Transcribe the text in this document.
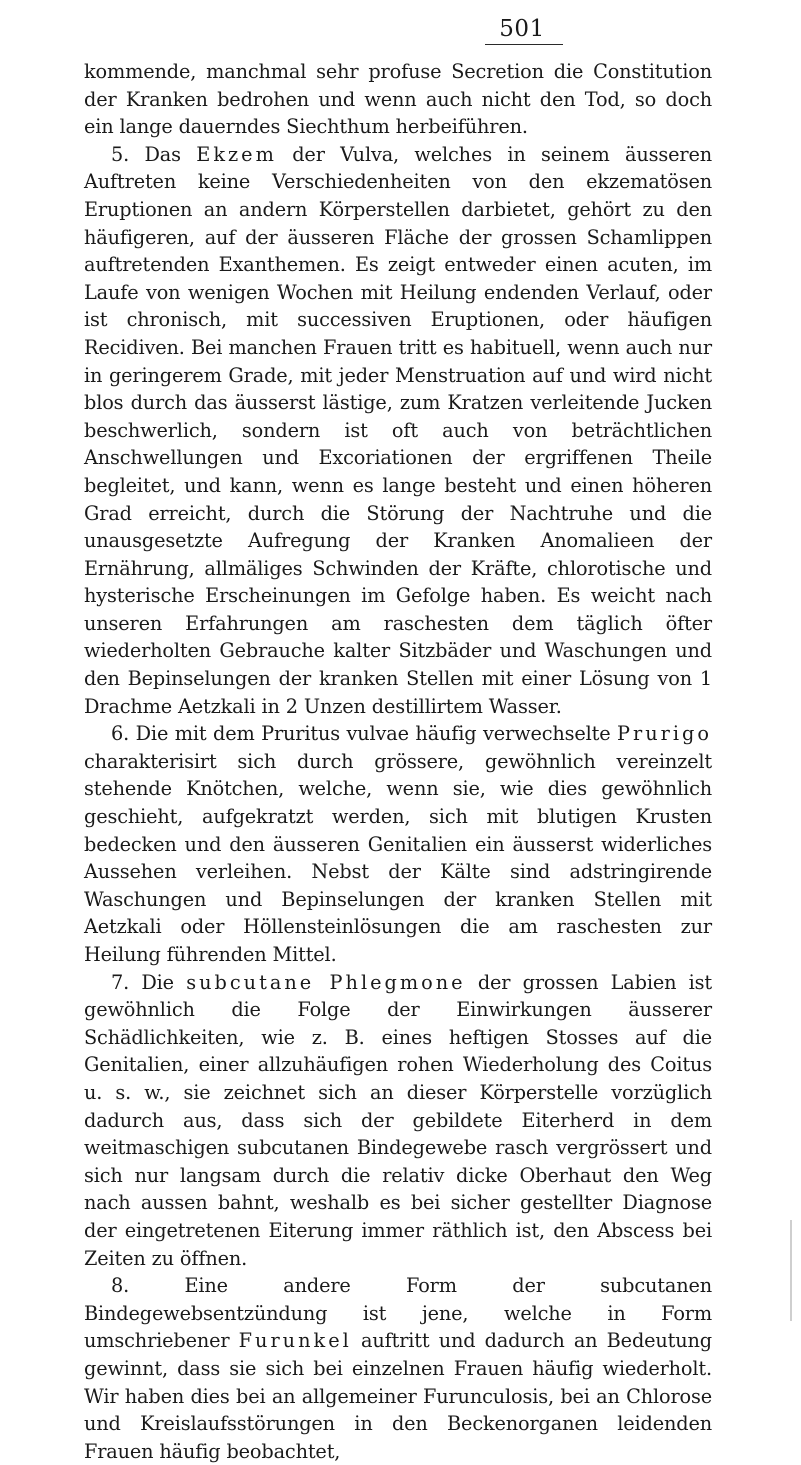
501

kommende, manchmal sehr profuse Secretion die Constitution der Kranken bedrohen und wenn auch nicht den Tod, so doch ein lange dauerndes Siechthum herbeiführen.

5. Das Ekzem der Vulva, welches in seinem äusseren Auftreten keine Verschiedenheiten von den ekzematösen Eruptionen an andern Körperstellen darbietet, gehört zu den häufigeren, auf der äusseren Fläche der grossen Schamlippen auftretenden Exanthemen. Es zeigt entweder einen acuten, im Laufe von wenigen Wochen mit Heilung endenden Verlauf, oder ist chronisch, mit successiven Eruptionen, oder häufigen Recidiven. Bei manchen Frauen tritt es habituell, wenn auch nur in geringerem Grade, mit jeder Menstruation auf und wird nicht blos durch das äusserst lästige, zum Kratzen verleitende Jucken beschwerlich, sondern ist oft auch von beträchtlichen Anschwellungen und Excoriationen der ergriffenen Theile begleitet, und kann, wenn es lange besteht und einen höheren Grad erreicht, durch die Störung der Nachtruhe und die unausgesetzte Aufregung der Kranken Anomalieen der Ernährung, allmäliges Schwinden der Kräfte, chlorotische und hysterische Erscheinungen im Gefolge haben. Es weicht nach unseren Erfahrungen am raschesten dem täglich öfter wiederholten Gebrauche kalter Sitzbäder und Waschungen und den Bepinselungen der kranken Stellen mit einer Lösung von 1 Drachme Aetzkali in 2 Unzen destillirtem Wasser.

6. Die mit dem Pruritus vulvae häufig verwechselte Prurigo charakterisirt sich durch grössere, gewöhnlich vereinzelt stehende Knötchen, welche, wenn sie, wie dies gewöhnlich geschieht, aufgekratzt werden, sich mit blutigen Krusten bedecken und den äusseren Genitalien ein äusserst widerliches Aussehen verleihen. Nebst der Kälte sind adstringirende Waschungen und Bepinselungen der kranken Stellen mit Aetzkali oder Höllensteinlösungen die am raschesten zur Heilung führenden Mittel.

7. Die subcutane Phlegmone der grossen Labien ist gewöhnlich die Folge der Einwirkungen äusserer Schädlichkeiten, wie z. B. eines heftigen Stosses auf die Genitalien, einer allzuhäufigen rohen Wiederholung des Coitus u. s. w., sie zeichnet sich an dieser Körperstelle vorzüglich dadurch aus, dass sich der gebildete Eiterherd in dem weitmaschigen subcutanen Bindegewebe rasch vergrössert und sich nur langsam durch die relativ dicke Oberhaut den Weg nach aussen bahnt, weshalb es bei sicher gestellter Diagnose der eingetretenen Eiterung immer räthlich ist, den Abscess bei Zeiten zu öffnen.

8. Eine andere Form der subcutanen Bindegewebsentzündung ist jene, welche in Form umschriebener Furunkel auftritt und dadurch an Bedeutung gewinnt, dass sie sich bei einzelnen Frauen häufig wiederholt. Wir haben dies bei an allgemeiner Furunculosis, bei an Chlorose und Kreislaufsstörungen in den Beckenorganen leidenden Frauen häufig beobachtet,
